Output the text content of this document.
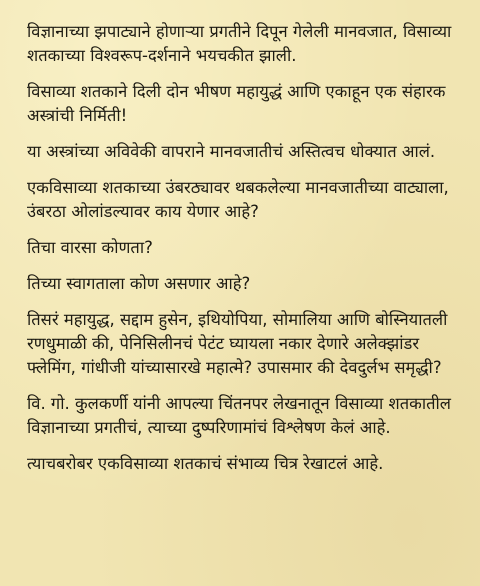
विज्ञानाच्या झपाट्याने होणाऱ्या प्रगतीने दिपून गेलेली मानवजात, विसाव्या शतकाच्या विश्वरूप-दर्शनाने भयचकीत झाली.

विसाव्या शतकाने दिली दोन भीषण महायुद्धं आणि एकाहून एक संहारक अस्त्रांची निर्मिती!

या अस्त्रांच्या अविवेकी वापराने मानवजातीचं अस्तित्वच धोक्यात आलं.

एकविसाव्या शतकाच्या उंबरठ्यावर थबकलेल्या मानवजातीच्या वाट्याला, उंबरठा ओलांडल्यावर काय येणार आहे?

तिचा वारसा कोणता?

तिच्या स्वागताला कोण असणार आहे?

तिसरं महायुद्ध, सद्दाम हुसेन, इथियोपिया, सोमालिया आणि बोस्नियातली रणधुमाळी की, पेनिसिलीनचं पेटंट घ्यायला नकार देणारे अलेक्झांडर फ्लेमिंग, गांधीजी यांच्यासारखे महात्मे? उपासमार की देवदुर्लभ समृद्धी?

वि. गो. कुलकर्णी यांनी आपल्या चिंतनपर लेखनातून विसाव्या शतकातील विज्ञानाच्या प्रगतीचं, त्याच्या दुष्परिणामांचं विश्लेषण केलं आहे.

त्याचबरोबर एकविसाव्या शतकाचं संभाव्य चित्र रेखाटलं आहे.
